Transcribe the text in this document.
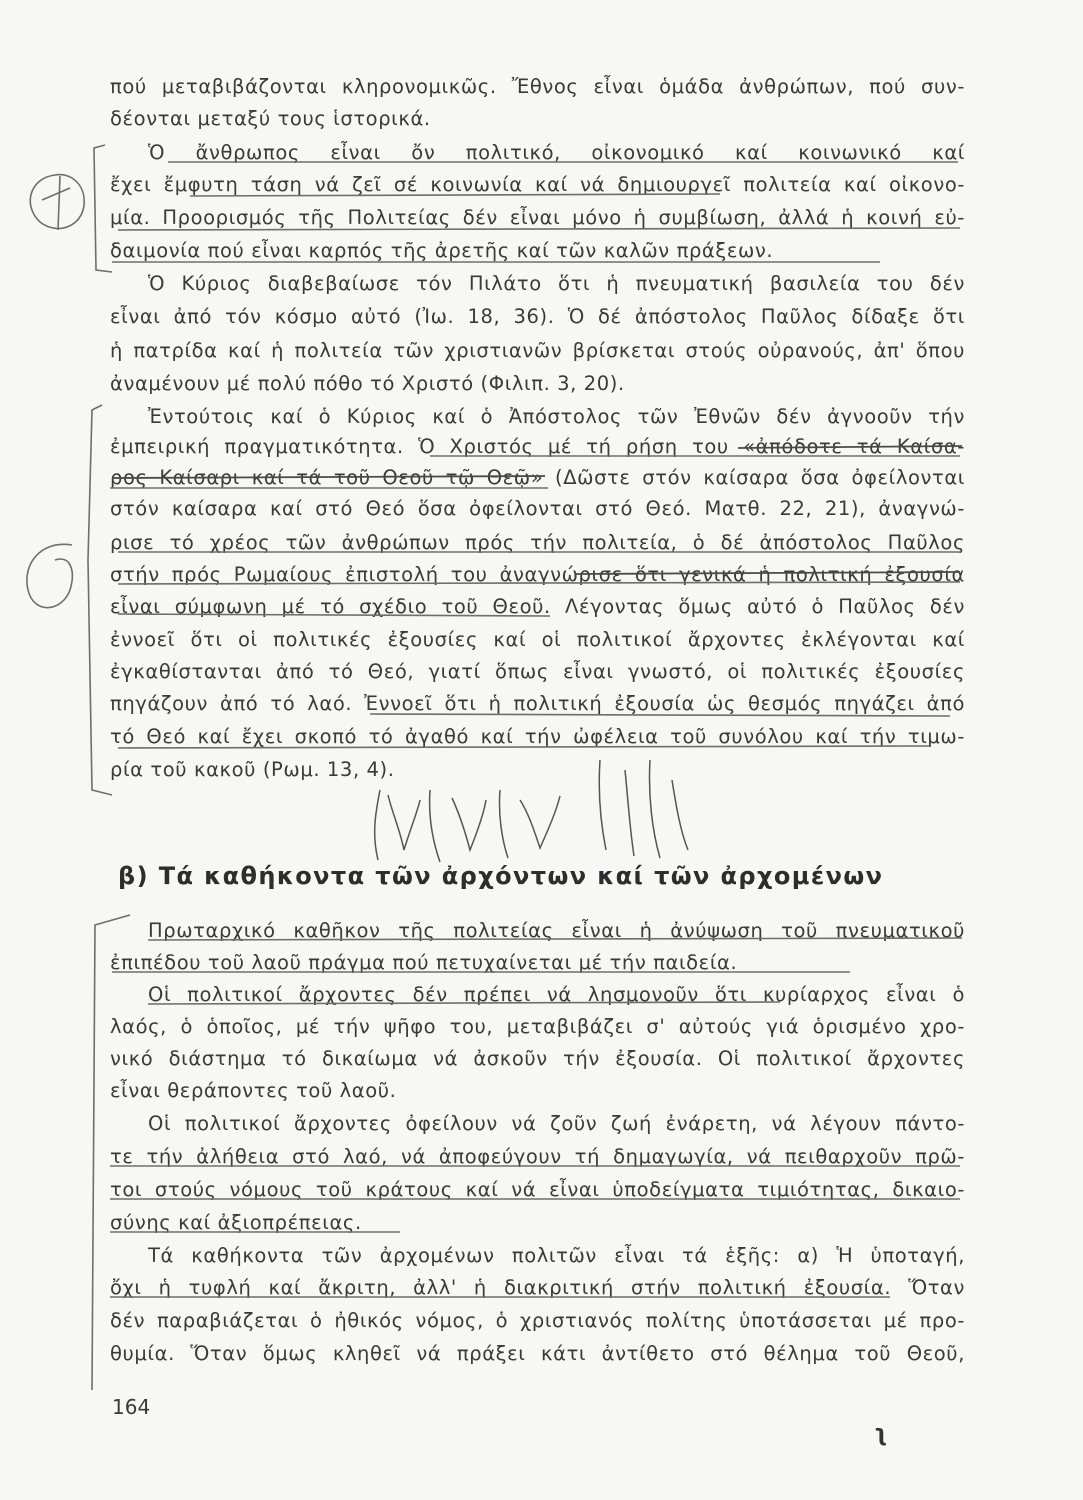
πού μεταβιβάζονται κληρονομικῶς. Ἔθνος εἶναι ὁμάδα ἀνθρώπων, πού συν-
δέονται μεταξύ τους ἱστορικά.
Ὁ ἄνθρωπος εἶναι ὄν πολιτικό, οἰκονομικό καί κοινωνικό καί
ἔχει ἔμφυτη τάση νά ζεῖ σέ κοινωνία καί νά δημιουργεῖ πολιτεία καί οἰκονο-
μία. Προορισμός τῆς Πολιτείας δέν εἶναι μόνο ἡ συμβίωση, ἀλλά ἡ κοινή εὐ-
δαιμονία πού εἶναι καρπός τῆς ἀρετῆς καί τῶν καλῶν πράξεων.
Ὁ Κύριος διαβεβαίωσε τόν Πιλάτο ὅτι ἡ πνευματική βασιλεία του δέν
εἶναι ἀπό τόν κόσμο αὐτό (Ἰω. 18, 36). Ὁ δέ ἀπόστολος Παῦλος δίδαξε ὅτι
ἡ πατρίδα καί ἡ πολιτεία τῶν χριστιανῶν βρίσκεται στούς οὐρανούς, ἀπ' ὅπου
ἀναμένουν μέ πολύ πόθο τό Χριστό (Φιλιπ. 3, 20).
Ἐντούτοις καί ὁ Κύριος καί ὁ Ἀπόστολος τῶν Ἐθνῶν δέν ἀγνοοῦν τήν
ἐμπειρική πραγματικότητα. Ὁ Χριστός μέ τή ρήση του «ἀπόδοτε τά Καίσα-
ρος Καίσαρι καί τά τοῦ Θεοῦ τῷ Θεῷ» (Δῶστε στόν καίσαρα ὅσα ὀφείλονται
στόν καίσαρα καί στό Θεό ὅσα ὀφείλονται στό Θεό. Ματθ. 22, 21), ἀναγνώ-
ρισε τό χρέος τῶν ἀνθρώπων πρός τήν πολιτεία, ὁ δέ ἀπόστολος Παῦλος
στήν πρός Ρωμαίους ἐπιστολή του ἀναγνώρισε ὅτι γενικά ἡ πολιτική ἐξουσία
εἶναι σύμφωνη μέ τό σχέδιο τοῦ Θεοῦ. Λέγοντας ὅμως αὐτό ὁ Παῦλος δέν
ἐννοεῖ ὅτι οἱ πολιτικές ἐξουσίες καί οἱ πολιτικοί ἄρχοντες ἐκλέγονται καί
ἐγκαθίστανται ἀπό τό Θεό, γιατί ὅπως εἶναι γνωστό, οἱ πολιτικές ἐξουσίες
πηγάζουν ἀπό τό λαό. Ἐννοεῖ ὅτι ἡ πολιτική ἐξουσία ὡς θεσμός πηγάζει ἀπό
τό Θεό καί ἔχει σκοπό τό ἀγαθό καί τήν ὠφέλεια τοῦ συνόλου καί τήν τιμω-
ρία τοῦ κακοῦ (Ρωμ. 13, 4).
β) Τά καθήκοντα τῶν ἀρχόντων καί τῶν ἀρχομένων
Πρωταρχικό καθῆκον τῆς πολιτείας εἶναι ἡ ἀνύψωση τοῦ πνευματικοῦ
ἐπιπέδου τοῦ λαοῦ πράγμα πού πετυχαίνεται μέ τήν παιδεία.
Οἱ πολιτικοί ἄρχοντες δέν πρέπει νά λησμονοῦν ὅτι κυρίαρχος εἶναι ὁ
λαός, ὁ ὁποῖος, μέ τήν ψῆφο του, μεταβιβάζει σ' αὐτούς γιά ὁρισμένο χρο-
νικό διάστημα τό δικαίωμα νά ἀσκοῦν τήν ἐξουσία. Οἱ πολιτικοί ἄρχοντες
εἶναι θεράποντες τοῦ λαοῦ.
Οἱ πολιτικοί ἄρχοντες ὀφείλουν νά ζοῦν ζωή ἐνάρετη, νά λέγουν πάντο-
τε τήν ἀλήθεια στό λαό, νά ἀποφεύγουν τή δημαγωγία, νά πειθαρχοῦν πρῶ-
τοι στούς νόμους τοῦ κράτους καί νά εἶναι ὑποδείγματα τιμιότητας, δικαιο-
σύνης καί ἀξιοπρέπειας.
Τά καθήκοντα τῶν ἀρχομένων πολιτῶν εἶναι τά ἑξῆς: α) Ἡ ὑποταγή,
ὄχι ἡ τυφλή καί ἄκριτη, ἀλλ' ἡ διακριτική στήν πολιτική ἐξουσία. Ὅταν
δέν παραβιάζεται ὁ ἠθικός νόμος, ὁ χριστιανός πολίτης ὑποτάσσεται μέ προ-
θυμία. Ὅταν ὅμως κληθεῖ νά πράξει κάτι ἀντίθετο στό θέλημα τοῦ Θεοῦ,
164
ʅ
